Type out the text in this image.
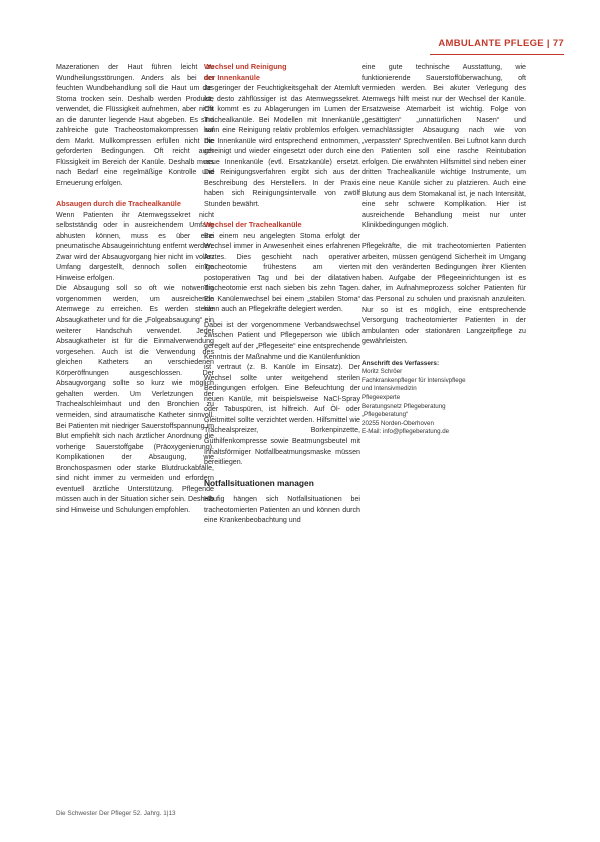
AMBULANTE PFLEGE | 77

Mazerationen der Haut führen leicht zu Wundheilungsstörungen. Anders als bei der feuchten Wundbehandlung soll die Haut um das Stoma trocken sein. Deshalb werden Produkte verwendet, die Flüssigkeit aufnehmen, aber nicht an die darunter liegende Haut abgeben. Es sind zahlreiche gute Tracheostomakompressen auf dem Markt. Mullkompressen erfüllen nicht die geforderten Bedingungen. Oft reicht auch Flüssigkeit im Bereich der Kanüle. Deshalb muss nach Bedarf eine regelmäßige Kontrolle und Erneuerung erfolgen.

Absaugen durch die Trachealkanüle

Wenn Patienten ihr Atemwegssekret nicht selbstständig oder in ausreichendem Umfang abhusten können, muss es über eine pneumatische Absaugeinrichtung entfernt werden. Zwar wird der Absaugvorgang hier nicht im vollen Umfang dargestellt, dennoch sollen einige Hinweise erfolgen.

Die Absaugung soll so oft wie notwendig vorgenommen werden, um ausreichende Atemwege zu erreichen. Es werden sterile Absaugkatheter und für die „Folgeabsaugung“ ein weiterer Handschuh verwendet. Jeder Absaugkatheter ist für die Einmalverwendung vorgesehen. Auch ist die Verwendung des gleichen Katheters an verschiedenen Körperöffnungen ausgeschlossen. Der Absaugvorgang sollte so kurz wie möglich gehalten werden. Um Verletzungen der Trachealschleimhaut und den Bronchien zu vermeiden, sind atraumatische Katheter sinnvoll. Bei Patienten mit niedriger Sauerstoffspannung im Blut empfiehlt sich nach ärztlicher Anordnung die vorherige Sauerstoffgabe (Präoxygenierung). Komplikationen der Absaugung, wie Bronchospasmen oder starke Blutdruckabfälle, sind nicht immer zu vermeiden und erfordern eventuell ärztliche Unterstützung. Pflegende müssen auch in der Situation sicher sein. Deshalb sind Hinweise und Schulungen empfohlen.

Wechsel und Reinigung
der Innenkanüle

Je geringer der Feuchtigkeitsgehalt der Atemluft ist, desto zähflüssiger ist das Atemwegssekret. Oft kommt es zu Ablagerungen im Lumen der Trachealkanüle. Bei Modellen mit Innenkanüle kann eine Reinigung relativ problemlos erfolgen. Die Innenkanüle wird entsprechend entnommen, gereinigt und wieder eingesetzt oder durch eine neue Innenkanüle (evtl. Ersatzkanüle) ersetzt. Die Reinigungsverfahren ergibt sich aus der Beschreibung des Herstellers. In der Praxis haben sich Reinigungsintervalle von zwölf Stunden bewährt.

Wechsel der Trachealkanüle

Bei einem neu angelegten Stoma erfolgt der Wechsel immer in Anwesenheit eines erfahrenen Arztes. Dies geschieht nach operativer Tracheotomie frühestens am vierten postoperativen Tag und bei der dilatativen Tracheotomie erst nach sieben bis zehn Tagen. Ein Kanülenwechsel bei einem „stabilen Stoma“ kann auch an Pflegekräfte delegiert werden.

Dabei ist der vorgenommene Verbandswechsel zwischen Patient und Pflegeperson wie üblich geregelt auf der „Pflegeseite“ eine entsprechende Kenntnis der Maßnahme und die Kanülenfunktion ist vertraut (z. B. Kanüle im Einsatz). Der Wechsel sollte unter weitgehend sterilen Bedingungen erfolgen. Eine Befeuchtung der neuen Kanüle, mit beispielsweise NaCl-Spray oder Tabuspüren, ist hilfreich. Auf Öl- oder Gleitmittel sollte verzichtet werden. Hilfsmittel wie Trachealspreizer, Borkenpinzette, Guthilfenkompresse sowie Beatmungsbeutel mit Inhaltsförmiger Notfallbeatmungsmaske müssen bereitliegen.

Notfallsituationen managen

Häufig hängen sich Notfallsituationen bei tracheotomierten Patienten an und können durch eine Krankenbeobachtung und

eine gute technische Ausstattung, wie funktionierende Sauerstoffüberwachung, oft vermieden werden. Bei akuter Verlegung des Atemwegs hilft meist nur der Wechsel der Kanüle. Ersatzweise Atemarbeit ist wichtig. Folge von „gesättigten“ „unnatürlichen Nasen“ und vernachlässigter Absaugung nach wie von „verpassten“ Sprechventilen. Bei Luftnot kann durch den Patienten soll eine rasche Reintubation erfolgen. Die erwähnten Hilfsmittel sind neben einer dritten Trachealkanüle wichtige Instrumente, um eine neue Kanüle sicher zu platzieren. Auch eine Blutung aus dem Stomakanal ist, je nach Intensität, eine sehr schwere Komplikation. Hier ist ausreichende Behandlung meist nur unter Klinikbedingungen möglich.

Pflegekräfte, die mit tracheotomierten Patienten arbeiten, müssen genügend Sicherheit im Umgang mit den veränderten Bedingungen ihrer Klienten haben. Aufgabe der Pflegeeinrichtungen ist es daher, im Aufnahmeprozess solcher Patienten für das Personal zu schulen und praxisnah anzuleiten. Nur so ist es möglich, eine entsprechende Versorgung tracheotomierter Patienten in der ambulanten oder stationären Langzeitpflege zu gewährleisten.

Anschrift des Verfassers:
Moritz Schröer
Fachkrankenpfleger für Intensivpflege
und Intensivmedizin
Pflegeexperte
Beratungsnetz Pflegeberatung
„Pflegeberatung“
20255 Norden-Oberhoven
E-Mail: info@pflegeberatung.de
Die Schwester Der Pfleger 52. Jahrg. 1|13
